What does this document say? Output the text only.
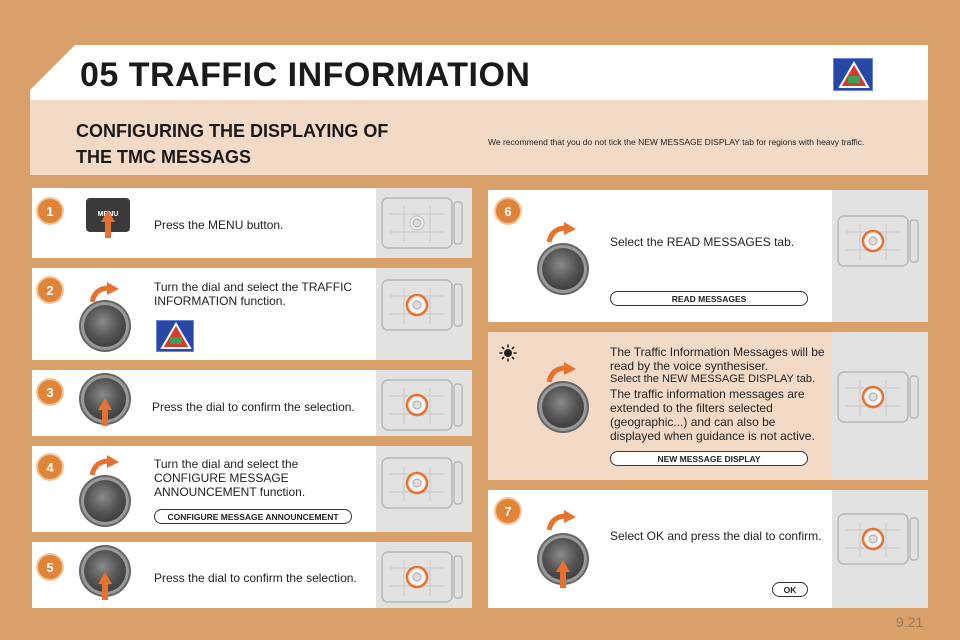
05 TRAFFIC INFORMATION
CONFIGURING THE DISPLAYING OF
THE TMC MESSAGS
We recommend that you do not tick the NEW MESSAGE DISPLAY tab for regions with heavy traffic.
1	MENU
Press the MENU button.
2	Turn the dial and select the TRAFFIC INFORMATION function.
3
Press the dial to confirm the selection.
4	Turn the dial and select the CONFIGURE MESSAGE ANNOUNCEMENT function.
CONFIGURE MESSAGE ANNOUNCEMENT
5
Press the dial to confirm the selection.
6
Select the READ MESSAGES tab.
READ MESSAGES
The Traffic Information Messages will be read by the voice synthesiser.
Select the NEW MESSAGE DISPLAY tab.
The traffic information messages are extended to the filters selected (geographic...) and can also be displayed when guidance is not active.
NEW MESSAGE DISPLAY
7
Select OK and press the dial to confirm.
OK
9.21
